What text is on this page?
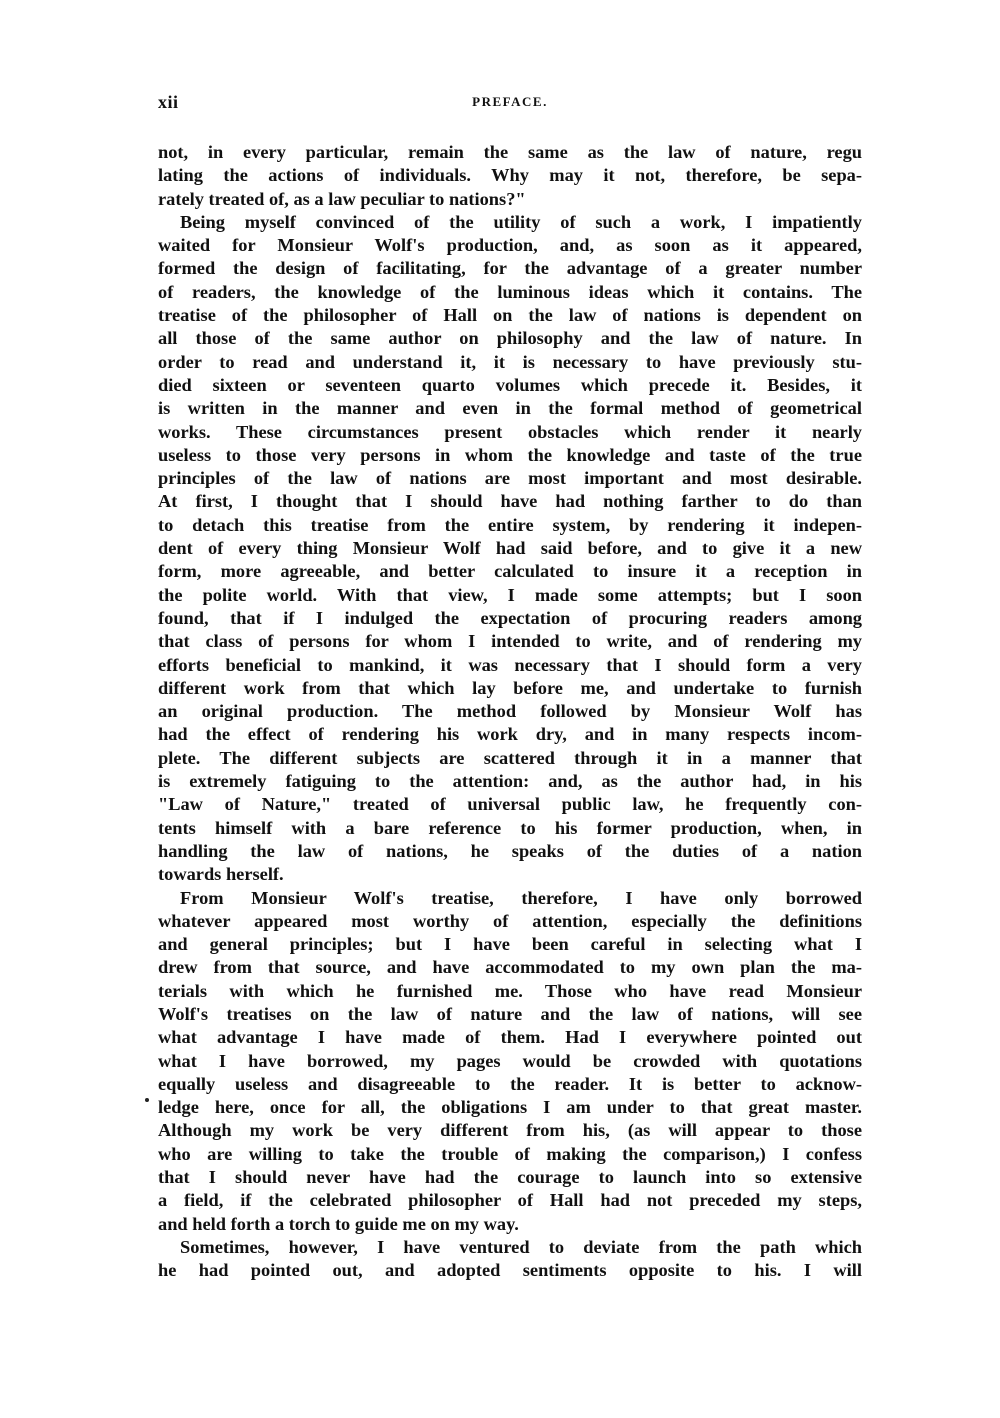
xii	PREFACE.
not, in every particular, remain the same as the law of nature, regu
lating the actions of individuals. Why may it not, therefore, be sepa-
rately treated of, as a law peculiar to nations?"
Being myself convinced of the utility of such a work, I impatiently
waited for Monsieur Wolf's production, and, as soon as it appeared,
formed the design of facilitating, for the advantage of a greater number
of readers, the knowledge of the luminous ideas which it contains. The
treatise of the philosopher of Hall on the law of nations is dependent on
all those of the same author on philosophy and the law of nature. In
order to read and understand it, it is necessary to have previously stu-
died sixteen or seventeen quarto volumes which precede it. Besides, it
is written in the manner and even in the formal method of geometrical
works. These circumstances present obstacles which render it nearly
useless to those very persons in whom the knowledge and taste of the true
principles of the law of nations are most important and most desirable.
At first, I thought that I should have had nothing farther to do than
to detach this treatise from the entire system, by rendering it indepen-
dent of every thing Monsieur Wolf had said before, and to give it a new
form, more agreeable, and better calculated to insure it a reception in
the polite world. With that view, I made some attempts; but I soon
found, that if I indulged the expectation of procuring readers among
that class of persons for whom I intended to write, and of rendering my
efforts beneficial to mankind, it was necessary that I should form a very
different work from that which lay before me, and undertake to furnish
an original production. The method followed by Monsieur Wolf has
had the effect of rendering his work dry, and in many respects incom-
plete. The different subjects are scattered through it in a manner that
is extremely fatiguing to the attention: and, as the author had, in his
"Law of Nature," treated of universal public law, he frequently con-
tents himself with a bare reference to his former production, when, in
handling the law of nations, he speaks of the duties of a nation
towards herself.
From Monsieur Wolf's treatise, therefore, I have only borrowed
whatever appeared most worthy of attention, especially the definitions
and general principles; but I have been careful in selecting what I
drew from that source, and have accommodated to my own plan the ma-
terials with which he furnished me. Those who have read Monsieur
Wolf's treatises on the law of nature and the law of nations, will see
what advantage I have made of them. Had I everywhere pointed out
what I have borrowed, my pages would be crowded with quotations
equally useless and disagreeable to the reader. It is better to acknow-
ledge here, once for all, the obligations I am under to that great master.
Although my work be very different from his, (as will appear to those
who are willing to take the trouble of making the comparison,) I confess
that I should never have had the courage to launch into so extensive
a field, if the celebrated philosopher of Hall had not preceded my steps,
and held forth a torch to guide me on my way.
Sometimes, however, I have ventured to deviate from the path which
he had pointed out, and adopted sentiments opposite to his. I will
